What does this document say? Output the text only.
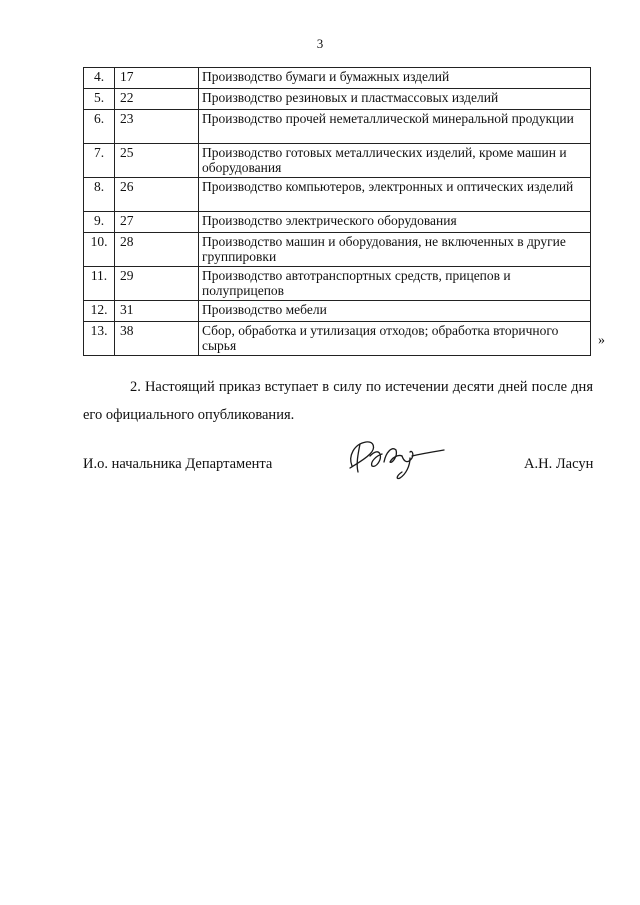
3
4.	17	Производство бумаги и бумажных изделий
5.	22	Производство резиновых и пластмассовых изделий
6.	23	Производство прочей неметаллической минеральной продукции
7.	25	Производство готовых металлических изделий, кроме машин и оборудования
8.	26	Производство компьютеров, электронных и оптических изделий
9.	27	Производство электрического оборудования
10.	28	Производство машин и оборудования, не включенных в другие группировки
11.	29	Производство автотранспортных средств, прицепов и полуприцепов
12.	31	Производство мебели
13.	38	Сбор, обработка и утилизация отходов; обработка вторичного сырья	»

2. Настоящий приказ вступает в силу по истечении десяти дней после дня его официального опубликования.

И.о. начальника Департамента	А.Н. Ласун
